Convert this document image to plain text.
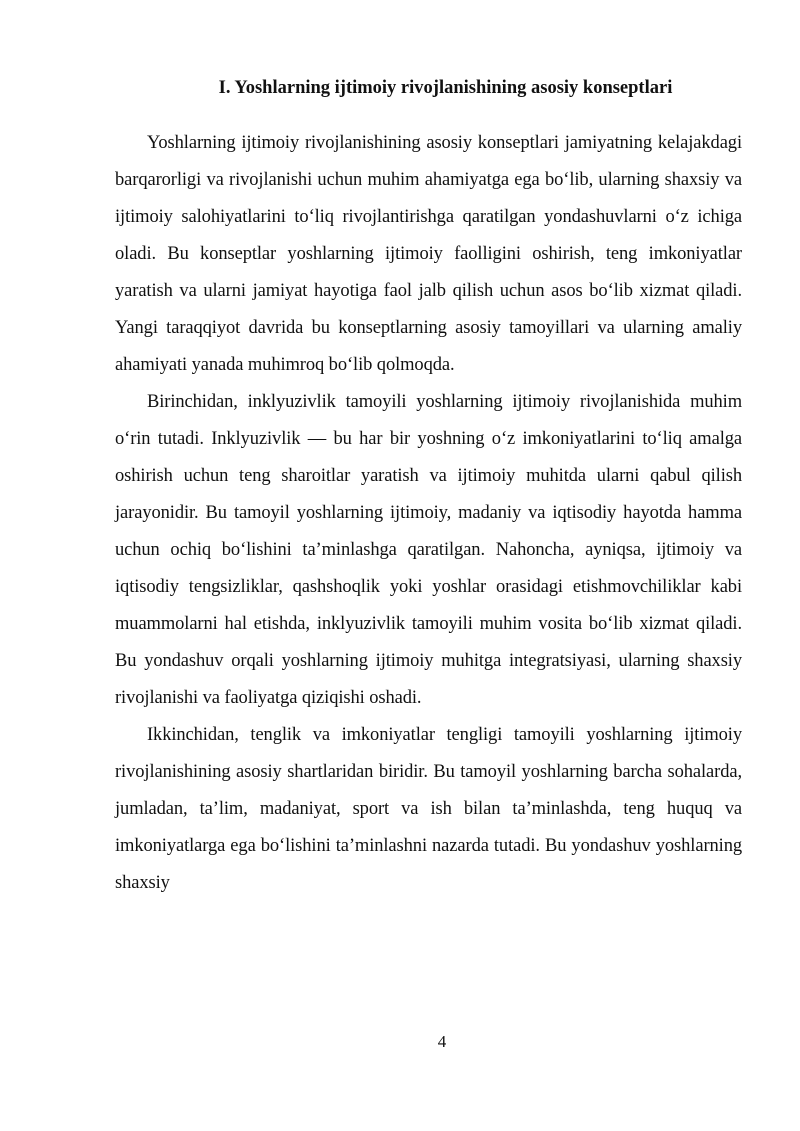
I. Yoshlarning ijtimoiy rivojlanishining asosiy konseptlari

Yoshlarning ijtimoiy rivojlanishining asosiy konseptlari jamiyatning kelajakdagi barqarorligi va rivojlanishi uchun muhim ahamiyatga ega bo‘lib, ularning shaxsiy va ijtimoiy salohiyatlarini to‘liq rivojlantirishga qaratilgan yondashuvlarni o‘z ichiga oladi. Bu konseptlar yoshlarning ijtimoiy faolligini oshirish, teng imkoniyatlar yaratish va ularni jamiyat hayotiga faol jalb qilish uchun asos bo‘lib xizmat qiladi. Yangi taraqqiyot davrida bu konseptlarning asosiy tamoyillari va ularning amaliy ahamiyati yanada muhimroq bo‘lib qolmoqda.

Birinchidan, inklyuzivlik tamoyili yoshlarning ijtimoiy rivojlanishida muhim o‘rin tutadi. Inklyuzivlik — bu har bir yoshning o‘z imkoniyatlarini to‘liq amalga oshirish uchun teng sharoitlar yaratish va ijtimoiy muhitda ularni qabul qilish jarayonidir. Bu tamoyil yoshlarning ijtimoiy, madaniy va iqtisodiy hayotda hamma uchun ochiq bo‘lishini ta’minlashga qaratilgan. Nahoncha, ayniqsa, ijtimoiy va iqtisodiy tengsizliklar, qashshoqlik yoki yoshlar orasidagi etishmovchiliklar kabi muammolarni hal etishda, inklyuzivlik tamoyili muhim vosita bo‘lib xizmat qiladi. Bu yondashuv orqali yoshlarning ijtimoiy muhitga integratsiyasi, ularning shaxsiy rivojlanishi va faoliyatga qiziqishi oshadi.

Ikkinchidan, tenglik va imkoniyatlar tengligi tamoyili yoshlarning ijtimoiy rivojlanishining asosiy shartlaridan biridir. Bu tamoyil yoshlarning barcha sohalarda, jumladan, ta’lim, madaniyat, sport va ish bilan ta’minlashda, teng huquq va imkoniyatlarga ega bo‘lishini ta’minlashni nazarda tutadi. Bu yondashuv yoshlarning shaxsiy

4
